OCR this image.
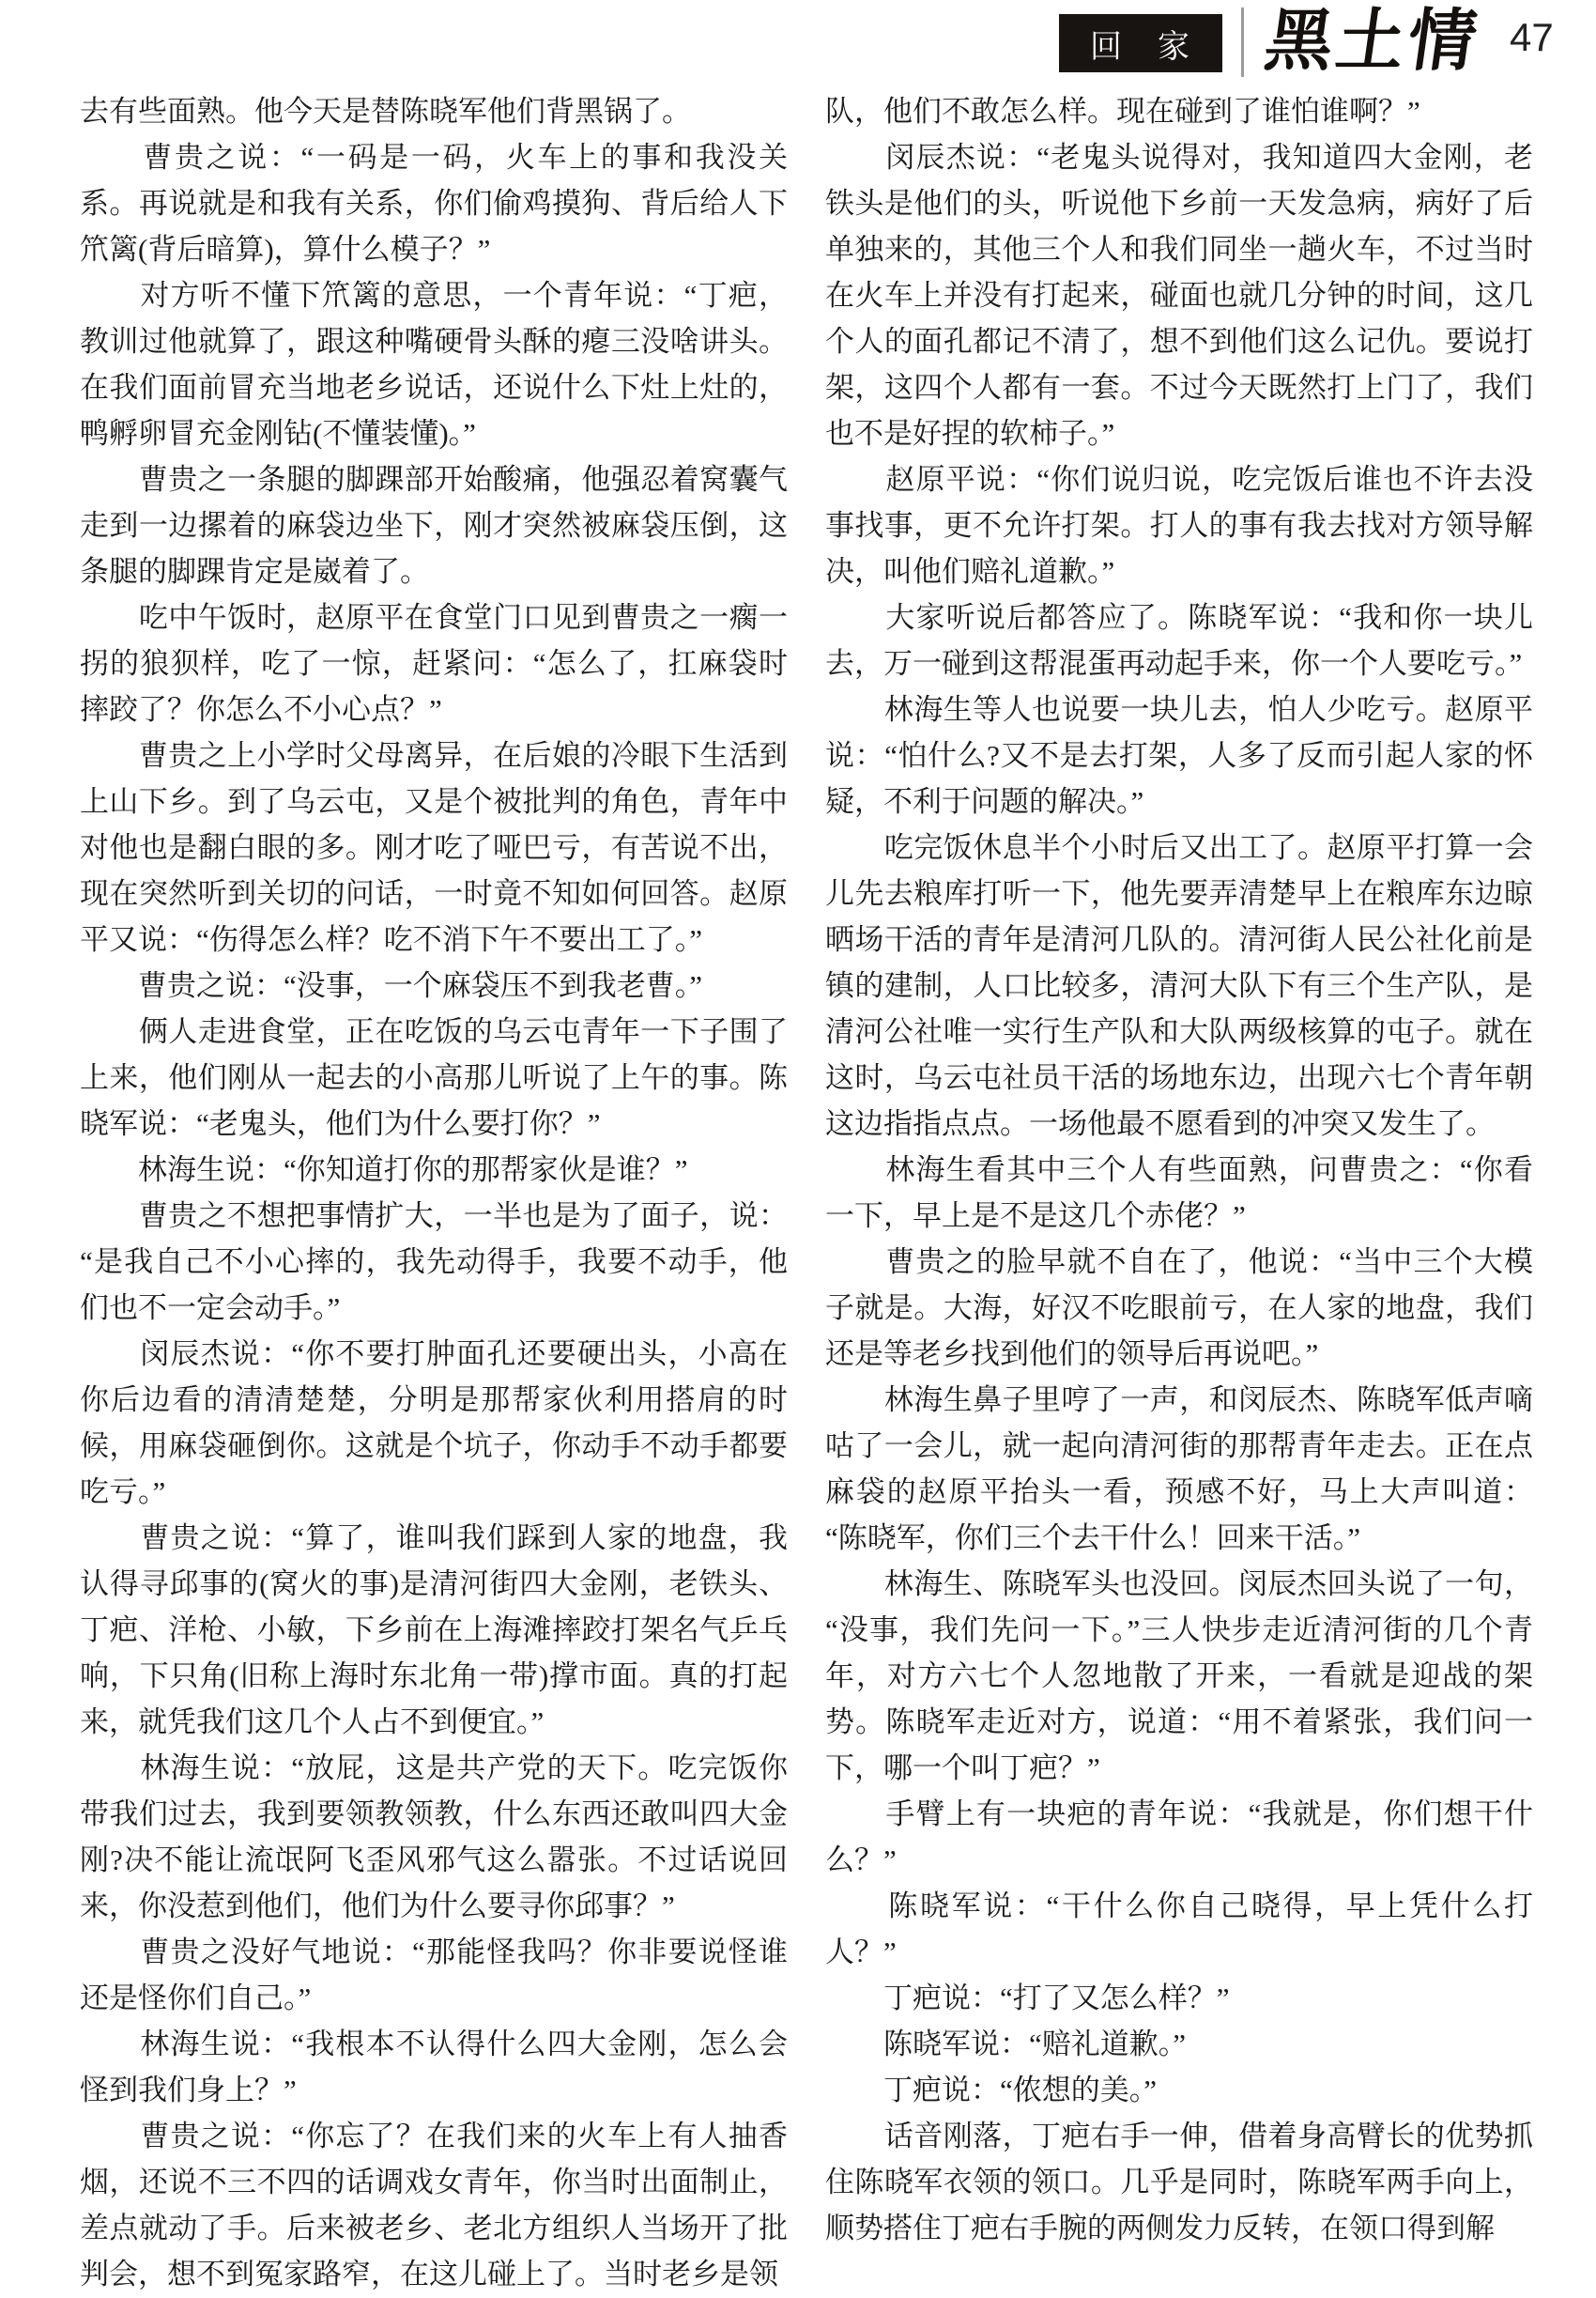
回　家	黑土情 47

去有些面熟。他今天是替陈晓军他们背黑锅了。

　　曹贵之说：“一码是一码，火车上的事和我没关系。再说就是和我有关系，你们偷鸡摸狗、背后给人下笊篱(背后暗算)，算什么模子？”

　　对方听不懂下笊篱的意思，一个青年说：“丁疤，教训过他就算了，跟这种嘴硬骨头酥的瘪三没啥讲头。在我们面前冒充当地老乡说话，还说什么下灶上灶的，鸭孵卵冒充金刚钻(不懂装懂)。”

　　曹贵之一条腿的脚踝部开始酸痛，他强忍着窝囊气走到一边摞着的麻袋边坐下，刚才突然被麻袋压倒，这条腿的脚踝肯定是崴着了。

　　吃中午饭时，赵原平在食堂门口见到曹贵之一瘸一拐的狼狈样，吃了一惊，赶紧问：“怎么了，扛麻袋时摔跤了？你怎么不小心点？”

　　曹贵之上小学时父母离异，在后娘的冷眼下生活到上山下乡。到了乌云屯，又是个被批判的角色，青年中对他也是翻白眼的多。刚才吃了哑巴亏，有苦说不出，现在突然听到关切的问话，一时竟不知如何回答。赵原平又说：“伤得怎么样？吃不消下午不要出工了。”

　　曹贵之说：“没事，一个麻袋压不到我老曹。”

　　俩人走进食堂，正在吃饭的乌云屯青年一下子围了上来，他们刚从一起去的小高那儿听说了上午的事。陈晓军说：“老鬼头，他们为什么要打你？”

　　林海生说：“你知道打你的那帮家伙是谁？”

　　曹贵之不想把事情扩大，一半也是为了面子，说：“是我自己不小心摔的，我先动得手，我要不动手，他们也不一定会动手。”

　　闵辰杰说：“你不要打肿面孔还要硬出头，小高在你后边看的清清楚楚，分明是那帮家伙利用搭肩的时候，用麻袋砸倒你。这就是个坑子，你动手不动手都要吃亏。”

　　曹贵之说：“算了，谁叫我们踩到人家的地盘，我认得寻邱事的(窝火的事)是清河街四大金刚，老铁头、丁疤、洋枪、小敏，下乡前在上海滩摔跤打架名气乒乓响，下只角(旧称上海时东北角一带)撑市面。真的打起来，就凭我们这几个人占不到便宜。”

　　林海生说：“放屁，这是共产党的天下。吃完饭你带我们过去，我到要领教领教，什么东西还敢叫四大金刚?决不能让流氓阿飞歪风邪气这么嚣张。不过话说回来，你没惹到他们，他们为什么要寻你邱事？”

　　曹贵之没好气地说：“那能怪我吗？你非要说怪谁还是怪你们自己。”

　　林海生说：“我根本不认得什么四大金刚，怎么会怪到我们身上？”

　　曹贵之说：“你忘了？在我们来的火车上有人抽香烟，还说不三不四的话调戏女青年，你当时出面制止，差点就动了手。后来被老乡、老北方组织人当场开了批判会，想不到冤家路窄，在这儿碰上了。当时老乡是领

队，他们不敢怎么样。现在碰到了谁怕谁啊？”

　　闵辰杰说：“老鬼头说得对，我知道四大金刚，老铁头是他们的头，听说他下乡前一天发急病，病好了后单独来的，其他三个人和我们同坐一趟火车，不过当时在火车上并没有打起来，碰面也就几分钟的时间，这几个人的面孔都记不清了，想不到他们这么记仇。要说打架，这四个人都有一套。不过今天既然打上门了，我们也不是好捏的软柿子。”

　　赵原平说：“你们说归说，吃完饭后谁也不许去没事找事，更不允许打架。打人的事有我去找对方领导解决，叫他们赔礼道歉。”

　　大家听说后都答应了。陈晓军说：“我和你一块儿去，万一碰到这帮混蛋再动起手来，你一个人要吃亏。”

　　林海生等人也说要一块儿去，怕人少吃亏。赵原平说：“怕什么?又不是去打架，人多了反而引起人家的怀疑，不利于问题的解决。”

　　吃完饭休息半个小时后又出工了。赵原平打算一会儿先去粮库打听一下，他先要弄清楚早上在粮库东边晾晒场干活的青年是清河几队的。清河街人民公社化前是镇的建制，人口比较多，清河大队下有三个生产队，是清河公社唯一实行生产队和大队两级核算的屯子。就在这时，乌云屯社员干活的场地东边，出现六七个青年朝这边指指点点。一场他最不愿看到的冲突又发生了。

　　林海生看其中三个人有些面熟，问曹贵之：“你看一下，早上是不是这几个赤佬？”

　　曹贵之的脸早就不自在了，他说：“当中三个大模子就是。大海，好汉不吃眼前亏，在人家的地盘，我们还是等老乡找到他们的领导后再说吧。”

　　林海生鼻子里哼了一声，和闵辰杰、陈晓军低声嘀咕了一会儿，就一起向清河街的那帮青年走去。正在点麻袋的赵原平抬头一看，预感不好，马上大声叫道：“陈晓军，你们三个去干什么！回来干活。”

　　林海生、陈晓军头也没回。闵辰杰回头说了一句，“没事，我们先问一下。”三人快步走近清河街的几个青年，对方六七个人忽地散了开来，一看就是迎战的架势。陈晓军走近对方，说道：“用不着紧张，我们问一下，哪一个叫丁疤？”

　　手臂上有一块疤的青年说：“我就是，你们想干什么？”

　　陈晓军说：“干什么你自己晓得，早上凭什么打人？”

　　丁疤说：“打了又怎么样？”

　　陈晓军说：“赔礼道歉。”

　　丁疤说：“侬想的美。”

　　话音刚落，丁疤右手一伸，借着身高臂长的优势抓住陈晓军衣领的领口。几乎是同时，陈晓军两手向上，顺势搭住丁疤右手腕的两侧发力反转，在领口得到解
